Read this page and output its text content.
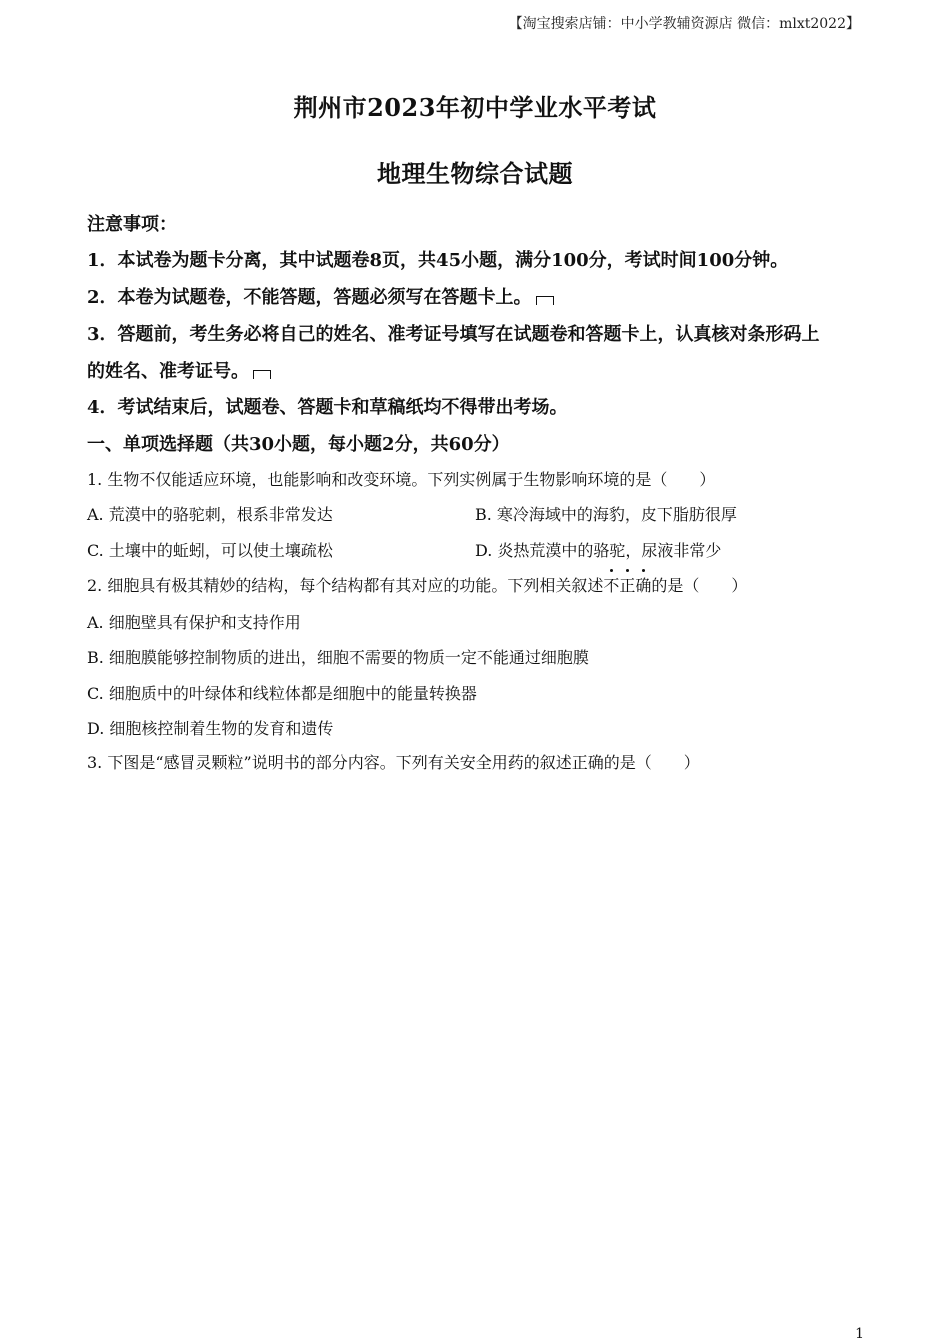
【淘宝搜索店铺：中小学教辅资源店 微信：mlxt2022】
荆州市2023年初中学业水平考试
地理生物综合试题
注意事项：
1．本试卷为题卡分离，其中试题卷8页，共45小题，满分100分，考试时间100分钟。
2．本卷为试题卷，不能答题，答题必须写在答题卡上。
3．答题前，考生务必将自己的姓名、准考证号填写在试题卷和答题卡上，认真核对条形码上
的姓名、准考证号。
4．考试结束后，试题卷、答题卡和草稿纸均不得带出考场。
一、单项选择题（共30小题，每小题2分，共60分）
1. 生物不仅能适应环境，也能影响和改变环境。下列实例属于生物影响环境的是（　　）
A. 荒漠中的骆驼刺，根系非常发达	B. 寒冷海域中的海豹，皮下脂肪很厚
C. 土壤中的蚯蚓，可以使土壤疏松	D. 炎热荒漠中的骆驼，尿液非常少
2. 细胞具有极其精妙的结构，每个结构都有其对应的功能。下列相关叙述不正确的是（　　）
A. 细胞壁具有保护和支持作用
B. 细胞膜能够控制物质的进出，细胞不需要的物质一定不能通过细胞膜
C. 细胞质中的叶绿体和线粒体都是细胞中的能量转换器
D. 细胞核控制着生物的发育和遗传
3. 下图是“感冒灵颗粒”说明书的部分内容。下列有关安全用药的叙述正确的是（　　）
1
